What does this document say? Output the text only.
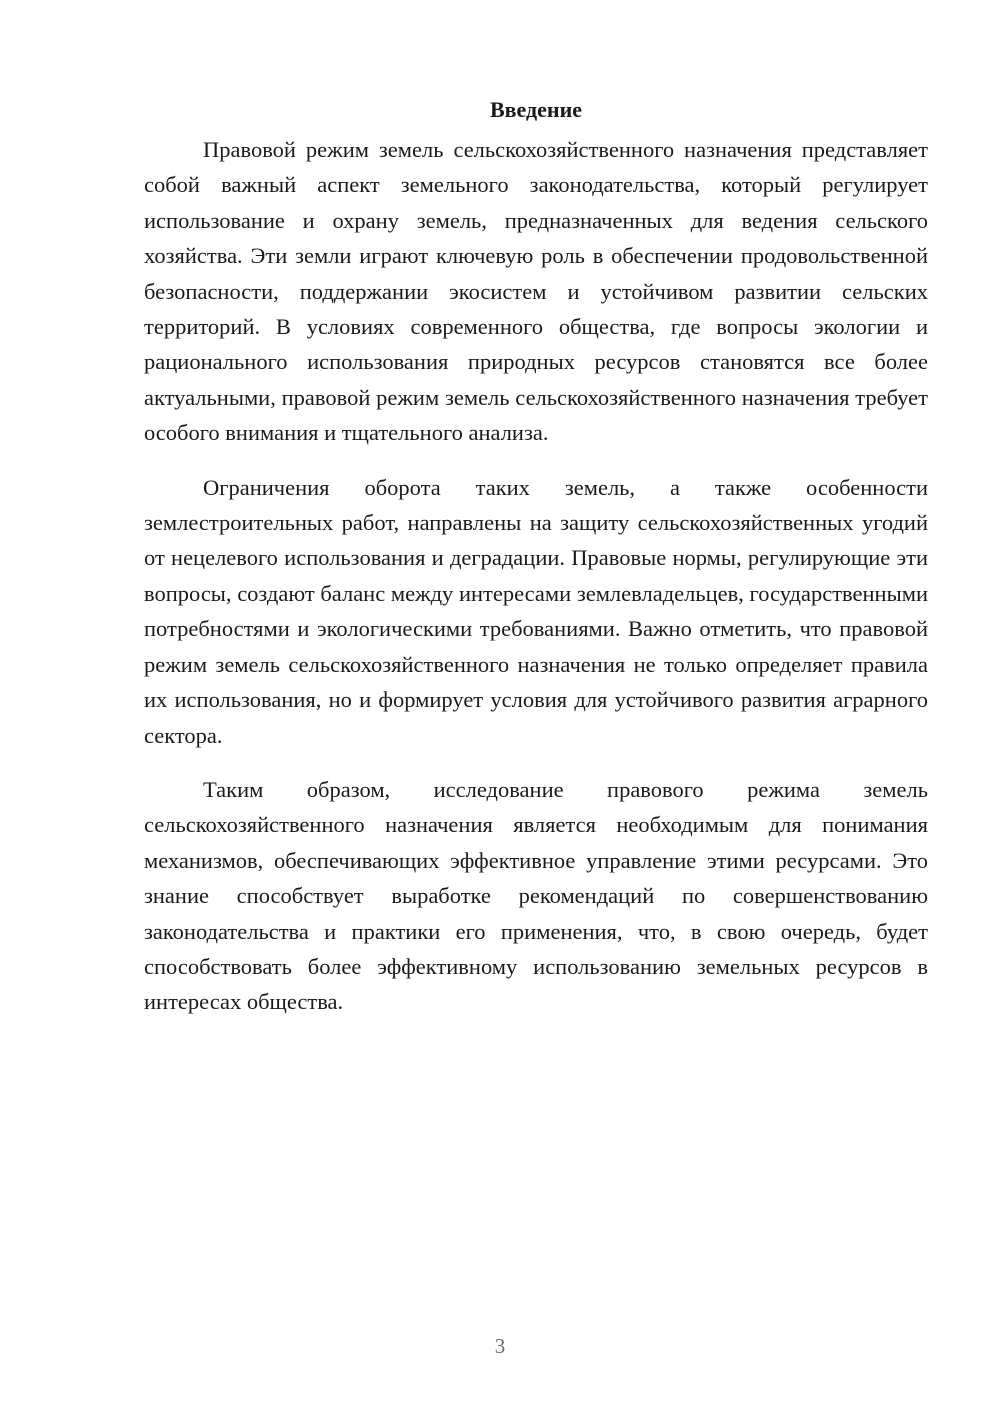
Введение

Правовой режим земель сельскохозяйственного назначения представляет собой важный аспект земельного законодательства, который регулирует использование и охрану земель, предназначенных для ведения сельского хозяйства. Эти земли играют ключевую роль в обеспечении продовольственной безопасности, поддержании экосистем и устойчивом развитии сельских территорий. В условиях современного общества, где вопросы экологии и рационального использования природных ресурсов становятся все более актуальными, правовой режим земель сельскохозяйственного назначения требует особого внимания и тщательного анализа.

Ограничения оборота таких земель, а также особенности землестроительных работ, направлены на защиту сельскохозяйственных угодий от нецелевого использования и деградации. Правовые нормы, регулирующие эти вопросы, создают баланс между интересами землевладельцев, государственными потребностями и экологическими требованиями. Важно отметить, что правовой режим земель сельскохозяйственного назначения не только определяет правила их использования, но и формирует условия для устойчивого развития аграрного сектора.

Таким образом, исследование правового режима земель сельскохозяйственного назначения является необходимым для понимания механизмов, обеспечивающих эффективное управление этими ресурсами. Это знание способствует выработке рекомендаций по совершенствованию законодательства и практики его применения, что, в свою очередь, будет способствовать более эффективному использованию земельных ресурсов в интересах общества.

3
